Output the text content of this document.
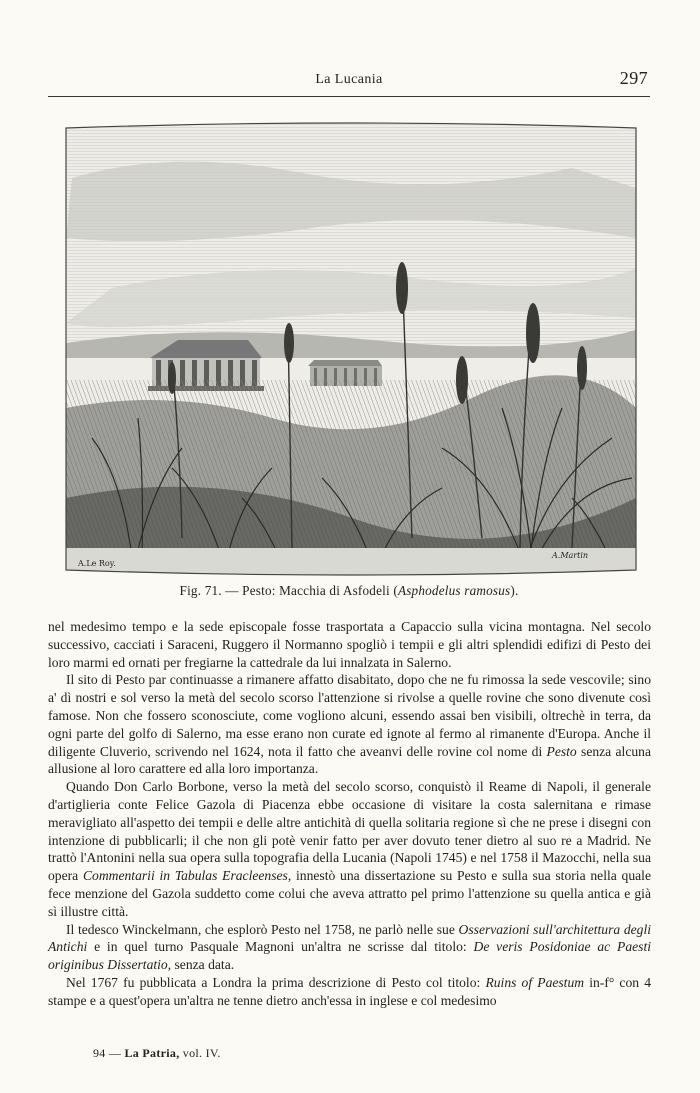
La Lucania	297
A.Le Roy.
A.Martin
Fig. 71. — Pesto: Macchia di Asfodeli (Asphodelus ramosus).

nel medesimo tempo e la sede episcopale fosse trasportata a Capaccio sulla vicina montagna. Nel secolo successivo, cacciati i Saraceni, Ruggero il Normanno spogliò i tempii e gli altri splendidi edifizi di Pesto dei loro marmi ed ornati per fregiarne la cattedrale da lui innalzata in Salerno.

Il sito di Pesto par continuasse a rimanere affatto disabitato, dopo che ne fu rimossa la sede vescovile; sino a' dì nostri e sol verso la metà del secolo scorso l'attenzione si rivolse a quelle rovine che sono divenute così famose. Non che fossero sconosciute, come vogliono alcuni, essendo assai ben visibili, oltrechè in terra, da ogni parte del golfo di Salerno, ma esse erano non curate ed ignote al fermo al rimanente d'Europa. Anche il diligente Cluverio, scrivendo nel 1624, nota il fatto che aveanvi delle rovine col nome di Pesto senza alcuna allusione al loro carattere ed alla loro importanza.

Quando Don Carlo Borbone, verso la metà del secolo scorso, conquistò il Reame di Napoli, il generale d'artiglieria conte Felice Gazola di Piacenza ebbe occasione di visitare la costa salernitana e rimase meravigliato all'aspetto dei tempii e delle altre antichità di quella solitaria regione sì che ne prese i disegni con intenzione di pubblicarli; il che non gli potè venir fatto per aver dovuto tener dietro al suo re a Madrid. Ne trattò l'Antonini nella sua opera sulla topografia della Lucania (Napoli 1745) e nel 1758 il Mazocchi, nella sua opera Commentarii in Tabulas Eracleenses, innestò una dissertazione su Pesto e sulla sua storia nella quale fece menzione del Gazola suddetto come colui che aveva attratto pel primo l'attenzione su quella antica e già sì illustre città.

Il tedesco Winckelmann, che esplorò Pesto nel 1758, ne parlò nelle sue Osservazioni sull'architettura degli Antichi e in quel turno Pasquale Magnoni un'altra ne scrisse dal titolo: De veris Posidoniae ac Paesti originibus Dissertatio, senza data.

Nel 1767 fu pubblicata a Londra la prima descrizione di Pesto col titolo: Ruins of Paestum in-f° con 4 stampe e a quest'opera un'altra ne tenne dietro anch'essa in inglese e col medesimo

94 — La Patria, vol. IV.
